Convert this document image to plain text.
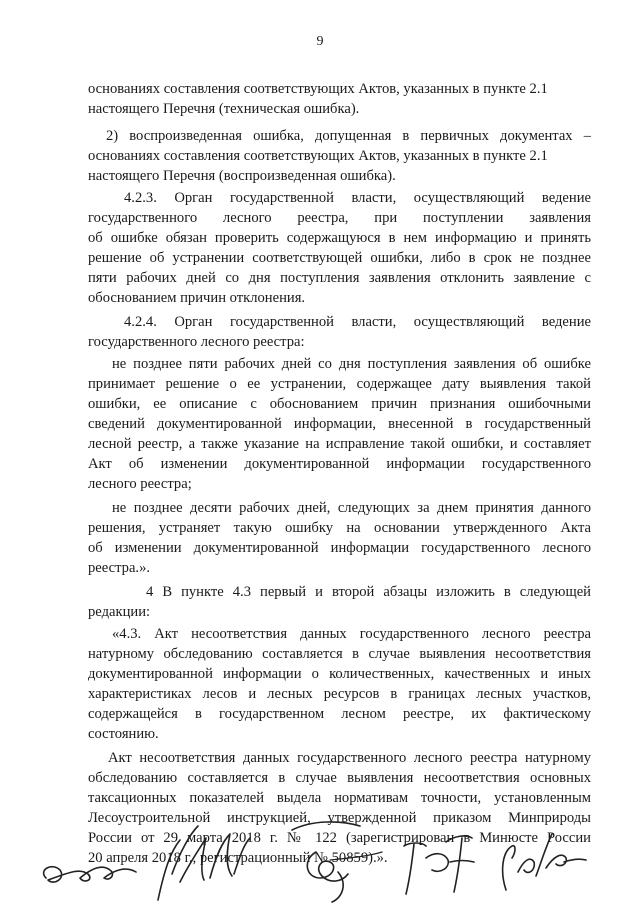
9
основаниях составления соответствующих Актов, указанных в пункте 2.1
настоящего Перечня (техническая ошибка).
2) воспроизведенная ошибка, допущенная в первичных документах –
основаниях составления соответствующих Актов, указанных в пункте 2.1
настоящего Перечня (воспроизведенная ошибка).
4.2.3. Орган государственной власти, осуществляющий ведение
государственного лесного реестра, при поступлении заявления
об ошибке обязан проверить содержащуюся в нем информацию и принять
решение об устранении соответствующей ошибки, либо в срок не позднее
пяти рабочих дней со дня поступления заявления отклонить заявление с
обоснованием причин отклонения.
4.2.4. Орган государственной власти, осуществляющий ведение
государственного лесного реестра:
не позднее пяти рабочих дней со дня поступления заявления об ошибке
принимает решение о ее устранении, содержащее дату выявления такой
ошибки, ее описание с обоснованием причин признания ошибочными
сведений документированной информации, внесенной в государственный
лесной реестр, а также указание на исправление такой ошибки, и составляет
Акт об изменении документированной информации государственного
лесного реестра;
не позднее десяти рабочих дней, следующих за днем принятия данного
решения, устраняет такую ошибку на основании утвержденного Акта
об изменении документированной информации государственного лесного
реестра.».
4 В пункте 4.3 первый и второй абзацы изложить в следующей
редакции:
«4.3. Акт несоответствия данных государственного лесного реестра
натурному обследованию составляется в случае выявления несоответствия
документированной информации о количественных, качественных и иных
характеристиках лесов и лесных ресурсов в границах лесных участков,
содержащейся в государственном лесном реестре, их фактическому
состоянию.
Акт несоответствия данных государственного лесного реестра натурному
обследованию составляется в случае выявления несоответствия основных
таксационных показателей выдела нормативам точности, установленным
Лесоустроительной инструкцией, утвержденной приказом Минприроды
России от 29 марта 2018 г. № 122 (зарегистрирован в Минюсте России
20 апреля 2018 г., регистрационный № 50859).».
